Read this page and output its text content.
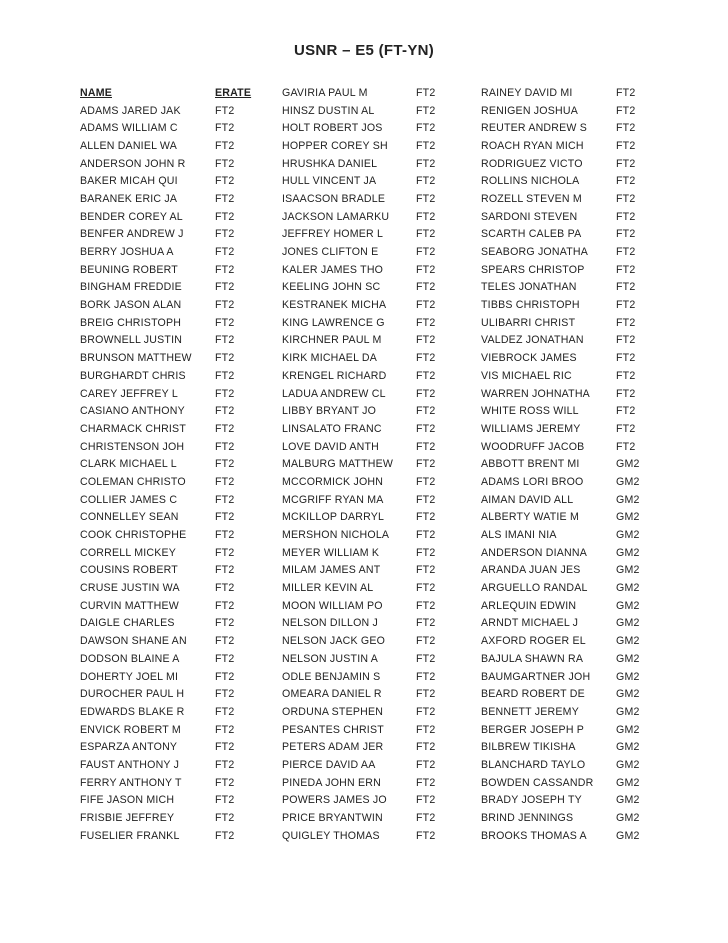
USNR – E5 (FT-YN)
NAME	ERATE
ADAMS JARED JAK	FT2
ADAMS WILLIAM C	FT2
ALLEN DANIEL WA	FT2
ANDERSON JOHN R	FT2
BAKER MICAH QUI	FT2
BARANEK ERIC JA	FT2
BENDER COREY AL	FT2
BENFER ANDREW J	FT2
BERRY JOSHUA A	FT2
BEUNING ROBERT	FT2
BINGHAM FREDDIE	FT2
BORK JASON ALAN	FT2
BREIG CHRISTOPH	FT2
BROWNELL JUSTIN	FT2
BRUNSON MATTHEW	FT2
BURGHARDT CHRIS	FT2
CAREY JEFFREY L	FT2
CASIANO ANTHONY	FT2
CHARMACK CHRIST	FT2
CHRISTENSON JOH	FT2
CLARK MICHAEL L	FT2
COLEMAN CHRISTO	FT2
COLLIER JAMES C	FT2
CONNELLEY SEAN	FT2
COOK CHRISTOPHE	FT2
CORRELL MICKEY	FT2
COUSINS ROBERT	FT2
CRUSE JUSTIN WA	FT2
CURVIN MATTHEW	FT2
DAIGLE CHARLES	FT2
DAWSON SHANE AN	FT2
DODSON BLAINE A	FT2
DOHERTY JOEL MI	FT2
DUROCHER PAUL H	FT2
EDWARDS BLAKE R	FT2
ENVICK ROBERT M	FT2
ESPARZA ANTONY	FT2
FAUST ANTHONY J	FT2
FERRY ANTHONY T	FT2
FIFE JASON MICH	FT2
FRISBIE JEFFREY	FT2
FUSELIER FRANKL	FT2
GAVIRIA PAUL M	FT2
HINSZ DUSTIN AL	FT2
HOLT ROBERT JOS	FT2
HOPPER COREY SH	FT2
HRUSHKA DANIEL	FT2
HULL VINCENT JA	FT2
ISAACSON BRADLE	FT2
JACKSON LAMARKU	FT2
JEFFREY HOMER L	FT2
JONES CLIFTON E	FT2
KALER JAMES THO	FT2
KEELING JOHN SC	FT2
KESTRANEK MICHA	FT2
KING LAWRENCE G	FT2
KIRCHNER PAUL M	FT2
KIRK MICHAEL DA	FT2
KRENGEL RICHARD	FT2
LADUA ANDREW CL	FT2
LIBBY BRYANT JO	FT2
LINSALATO FRANC	FT2
LOVE DAVID ANTH	FT2
MALBURG MATTHEW	FT2
MCCORMICK JOHN	FT2
MCGRIFF RYAN MA	FT2
MCKILLOP DARRYL	FT2
MERSHON NICHOLA	FT2
MEYER WILLIAM K	FT2
MILAM JAMES ANT	FT2
MILLER KEVIN AL	FT2
MOON WILLIAM PO	FT2
NELSON DILLON J	FT2
NELSON JACK GEO	FT2
NELSON JUSTIN A	FT2
ODLE BENJAMIN S	FT2
OMEARA DANIEL R	FT2
ORDUNA STEPHEN	FT2
PESANTES CHRIST	FT2
PETERS ADAM JER	FT2
PIERCE DAVID AA	FT2
PINEDA JOHN ERN	FT2
POWERS JAMES JO	FT2
PRICE BRYANTWIN	FT2
QUIGLEY THOMAS	FT2
RAINEY DAVID MI	FT2
RENIGEN JOSHUA	FT2
REUTER ANDREW S	FT2
ROACH RYAN MICH	FT2
RODRIGUEZ VICTO	FT2
ROLLINS NICHOLA	FT2
ROZELL STEVEN M	FT2
SARDONI STEVEN	FT2
SCARTH CALEB PA	FT2
SEABORG JONATHA	FT2
SPEARS CHRISTOP	FT2
TELES JONATHAN	FT2
TIBBS CHRISTOPH	FT2
ULIBARRI CHRIST	FT2
VALDEZ JONATHAN	FT2
VIEBROCK JAMES	FT2
VIS MICHAEL RIC	FT2
WARREN JOHNATHA	FT2
WHITE ROSS WILL	FT2
WILLIAMS JEREMY	FT2
WOODRUFF JACOB	FT2
ABBOTT BRENT MI	GM2
ADAMS LORI BROO	GM2
AIMAN DAVID ALL	GM2
ALBERTY WATIE M	GM2
ALS IMANI NIA	GM2
ANDERSON DIANNA	GM2
ARANDA JUAN JES	GM2
ARGUELLO RANDAL	GM2
ARLEQUIN EDWIN	GM2
ARNDT MICHAEL J	GM2
AXFORD ROGER EL	GM2
BAJULA SHAWN RA	GM2
BAUMGARTNER JOH	GM2
BEARD ROBERT DE	GM2
BENNETT JEREMY	GM2
BERGER JOSEPH P	GM2
BILBREW TIKISHA	GM2
BLANCHARD TAYLO	GM2
BOWDEN CASSANDR	GM2
BRADY JOSEPH TY	GM2
BRIND JENNINGS	GM2
BROOKS THOMAS A	GM2
